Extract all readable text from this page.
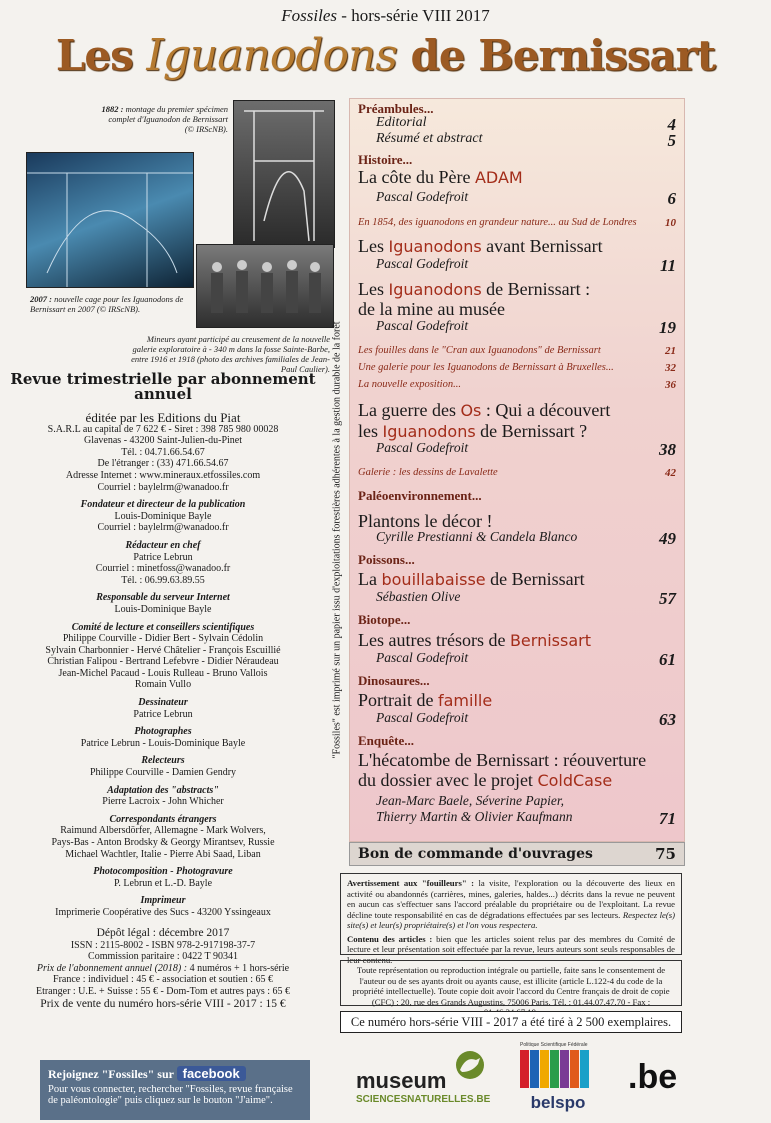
Fossiles - hors-série VIII 2017
Les Iguanodons de Bernissart
1882 : montage du premier spécimen complet d'Iguanodon de Bernissart (© IRScNB).
2007 : nouvelle cage pour les Iguanodons de Bernissart en 2007 (© IRScNB).
Mineurs ayant participé au creusement de la nouvelle galerie exploratoire à - 340 m dans la fosse Sainte-Barbe, entre 1916 et 1918 (photo des archives familiales de Jean-Paul Caulier).
Revue trimestrielle par abonnement annuel
éditée par les Editions du Piat
S.A.R.L au capital de 7 622 € - Siret : 398 785 980 00028
Glavenas - 43200 Saint-Julien-du-Pinet
Tél. : 04.71.66.54.67
De l'étranger : (33) 471.66.54.67
Adresse Internet : www.mineraux.etfossiles.com
Courriel : baylelrm@wanadoo.fr
Fondateur et directeur de la publication
Louis-Dominique Bayle
Courriel : baylelrm@wanadoo.fr
Rédacteur en chef
Patrice Lebrun
Courriel : minetfoss@wanadoo.fr
Tél. : 06.99.63.89.55
Responsable du serveur Internet
Louis-Dominique Bayle
Comité de lecture et conseillers scientifiques
Philippe Courville - Didier Bert - Sylvain Cédolin
Sylvain Charbonnier - Hervé Châtelier - François Escuillié
Christian Falipou - Bertrand Lefebvre - Didier Néraudeau
Jean-Michel Pacaud - Louis Rulleau - Bruno Vallois
Romain Vullo
Dessinateur
Patrice Lebrun
Photographes
Patrice Lebrun - Louis-Dominique Bayle
Relecteurs
Philippe Courville - Damien Gendry
Adaptation des "abstracts"
Pierre Lacroix - John Whicher
Correspondants étrangers
Raimund Albersdörfer, Allemagne - Mark Wolvers,
Pays-Bas - Anton Brodsky & Georgy Mirantsev, Russie
Michael Wachtler, Italie - Pierre Abi Saad, Liban
Photocomposition - Photogravure
P. Lebrun et L.-D. Bayle
Imprimeur
Imprimerie Coopérative des Sucs - 43200 Yssingeaux
Dépôt légal : décembre 2017
ISSN : 2115-8002 - ISBN 978-2-917198-37-7
Commission paritaire : 0422 T 90341
Prix de l'abonnement annuel (2018) : 4 numéros + 1 hors-série
France : individuel : 45 € - association et soutien : 65 €
Etranger : U.E. + Suisse : 55 € - Dom-Tom et autres pays : 65 €
Prix de vente du numéro hors-série VIII - 2017 : 15 €
Rejoignez "Fossiles" sur facebook
Pour vous connecter, rechercher "Fossiles, revue française de paléontologie" puis cliquez sur le bouton "J'aime".
"Fossiles" est imprimé sur un papier issu d'exploitations forestières adhérentes à la gestion durable de la forêt
Préambules...
Editorial	4
Résumé et abstract	5
Histoire...
La côte du Père ADAM
Pascal Godefroit	6
En 1854, des iguanodons en grandeur nature... au Sud de Londres	10
Les Iguanodons avant Bernissart
Pascal Godefroit	11
Les Iguanodons de Bernissart :
de la mine au musée
Pascal Godefroit	19
Les fouilles dans le "Cran aux Iguanodons" de Bernissart	21
Une galerie pour les Iguanodons de Bernissart à Bruxelles...	32
La nouvelle exposition...	36
La guerre des Os : Qui a découvert
les Iguanodons de Bernissart ?
Pascal Godefroit	38
Galerie : les dessins de Lavalette	42
Paléoenvironnement...
Plantons le décor !
Cyrille Prestianni & Candela Blanco	49
Poissons...
La bouillabaisse de Bernissart
Sébastien Olive	57
Biotope...
Les autres trésors de Bernissart
Pascal Godefroit	61
Dinosaures...
Portrait de famille
Pascal Godefroit	63
Enquête...
L'hécatombe de Bernissart : réouverture
du dossier avec le projet ColdCase
Jean-Marc Baele, Séverine Papier,
Thierry Martin & Olivier Kaufmann	71
Bon de commande d'ouvrages	75
Avertissement aux "fouilleurs" : la visite, l'exploration ou la découverte des lieux en activité ou abandonnés (carrières, mines, galeries, haldes...) décrits dans la revue ne peuvent en aucun cas s'effectuer sans l'accord préalable du propriétaire ou de l'exploitant. La revue décline toute responsabilité en cas de dégradations effectuées par ses lecteurs. Respectez le(s) site(s) et leur(s) propriétaire(s) et l'on vous respectera.
Contenu des articles : bien que les articles soient relus par des membres du Comité de lecture et leur présentation soit effectuée par la revue, leurs auteurs sont seuls responsables de leur contenu.
Toute représentation ou reproduction intégrale ou partielle, faite sans le consentement de l'auteur ou de ses ayants droit ou ayants cause, est illicite (article L.122-4 du code de la propriété intellectuelle). Toute copie doit avoir l'accord du Centre français de droit de copie (CFC) : 20, rue des Grands Augustins, 75006 Paris. Tél. : 01.44.07.47.70 - Fax :
Ce numéro hors-série VIII - 2017 a été tiré à 2 500 exemplaires.
museum
SCIENCESNATURELLES.BE
Politique Scientifique Fédérale
belspo
.be
